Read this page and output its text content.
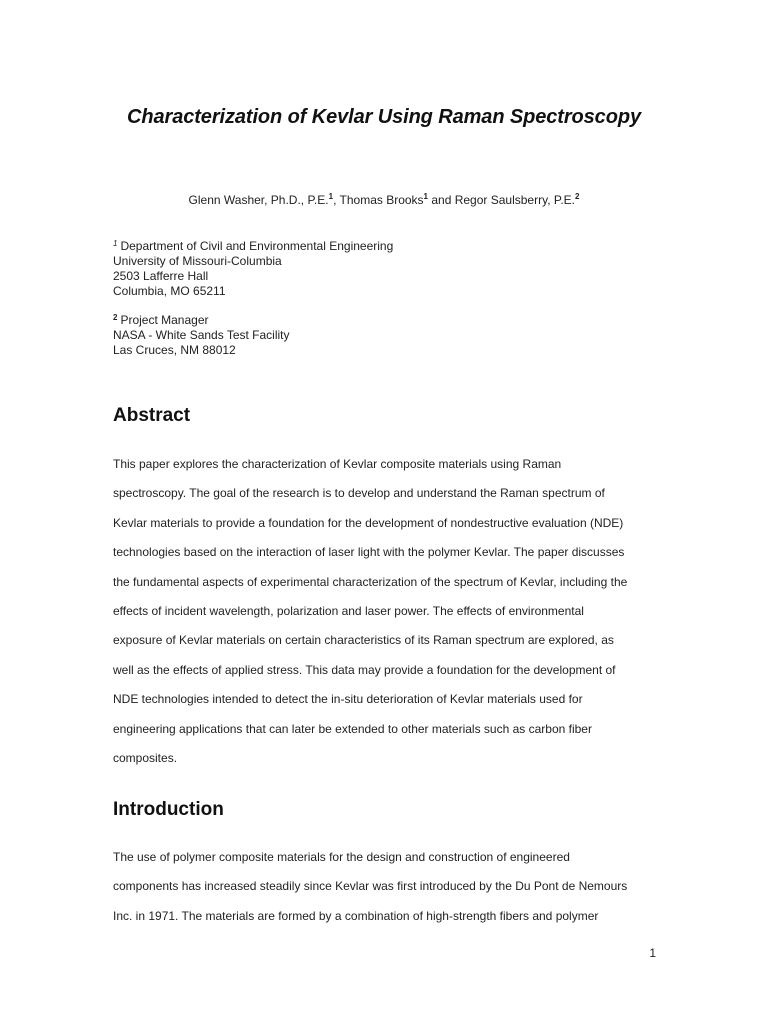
Characterization of Kevlar Using Raman Spectroscopy
Glenn Washer, Ph.D., P.E.$^1$, Thomas Brooks$^1$ and Regor Saulsberry, P.E.$^2$
$^1$ Department of Civil and Environmental Engineering
University of Missouri-Columbia
2503 Lafferre Hall
Columbia, MO 65211
$^2$ Project Manager
NASA - White Sands Test Facility
Las Cruces, NM 88012
Abstract
This paper explores the characterization of Kevlar composite materials using Raman
spectroscopy. The goal of the research is to develop and understand the Raman spectrum of
Kevlar materials to provide a foundation for the development of nondestructive evaluation (NDE)
technologies based on the interaction of laser light with the polymer Kevlar. The paper discusses
the fundamental aspects of experimental characterization of the spectrum of Kevlar, including the
effects of incident wavelength, polarization and laser power. The effects of environmental
exposure of Kevlar materials on certain characteristics of its Raman spectrum are explored, as
well as the effects of applied stress. This data may provide a foundation for the development of
NDE technologies intended to detect the in-situ deterioration of Kevlar materials used for
engineering applications that can later be extended to other materials such as carbon fiber
composites.
Introduction
The use of polymer composite materials for the design and construction of engineered
components has increased steadily since Kevlar was first introduced by the Du Pont de Nemours
Inc. in 1971. The materials are formed by a combination of high-strength fibers and polymer
1
